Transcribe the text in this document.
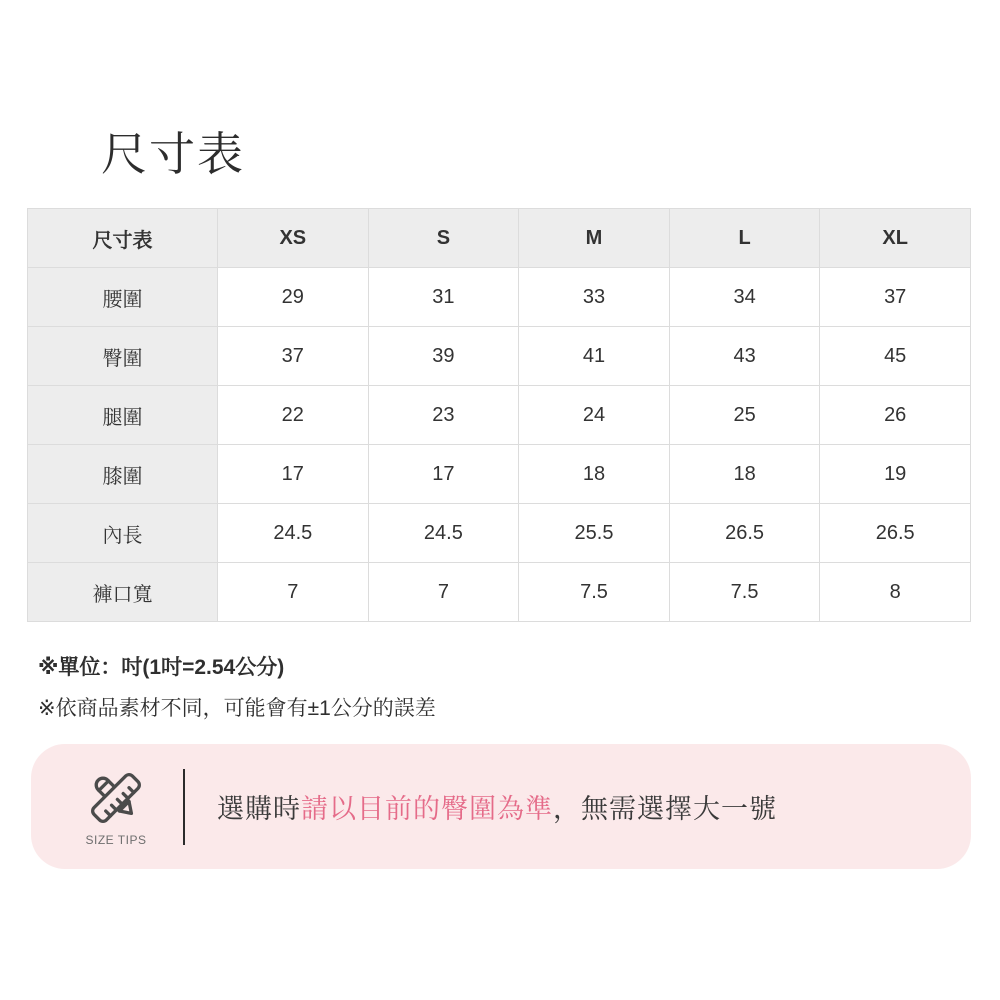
尺寸表
尺寸表	XS	S	M	L	XL
腰圍	29	31	33	34	37
臀圍	37	39	41	43	45
腿圍	22	23	24	25	26
膝圍	17	17	18	18	19
內長	24.5	24.5	25.5	26.5	26.5
褲口寬	7	7	7.5	7.5	8

※單位：吋(1吋=2.54公分)

※依商品素材不同，可能會有±1公分的誤差

SIZE TIPS

選購時請以目前的臀圍為準，無需選擇大一號
